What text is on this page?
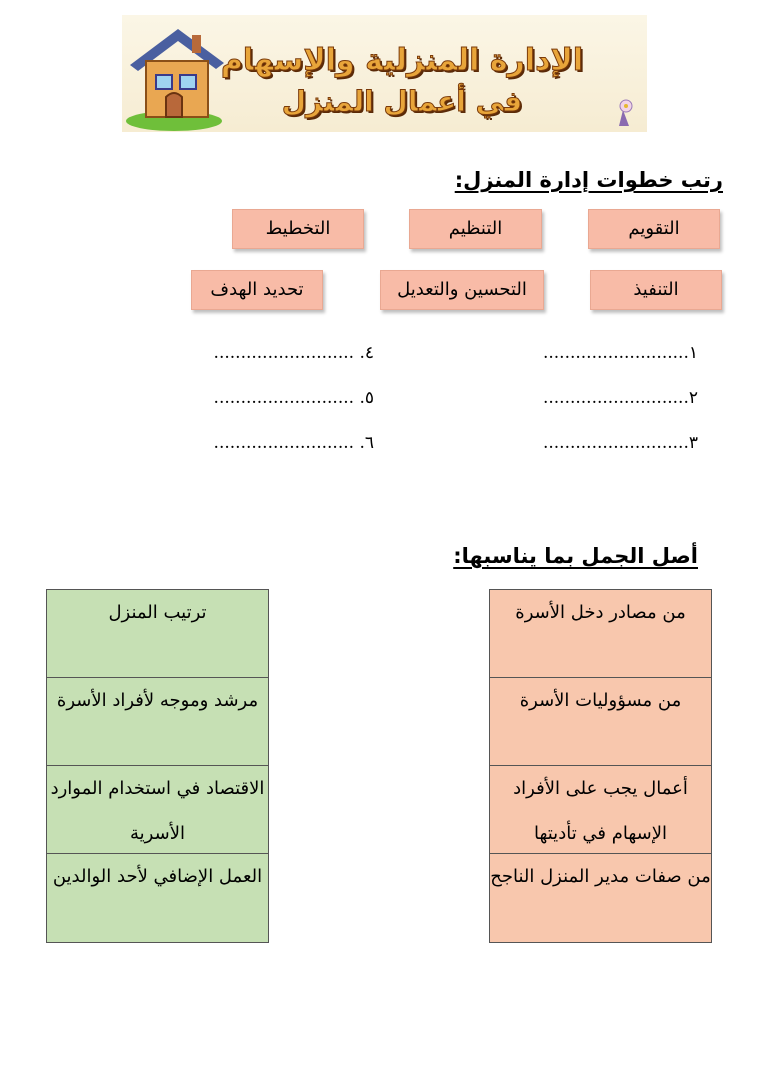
الإدارة المنزلية والإسهام
في أعمال المنزل
رتب خطوات إدارة المنزل:
التقويم
التنظيم
التخطيط
التنفيذ
التحسين والتعديل
تحديد الهدف
١...........................
٢...........................
٣...........................
٤. ..........................
٥. ..........................
٦. ..........................
أصل الجمل بما يناسبها:
من مصادر دخل الأسرة
من مسؤوليات الأسرة
أعمال يجب على الأفراد الإسهام في تأديتها
من صفات مدير المنزل الناجح
ترتيب المنزل
مرشد وموجه لأفراد الأسرة
الاقتصاد في استخدام الموارد الأسرية
العمل الإضافي لأحد الوالدين
